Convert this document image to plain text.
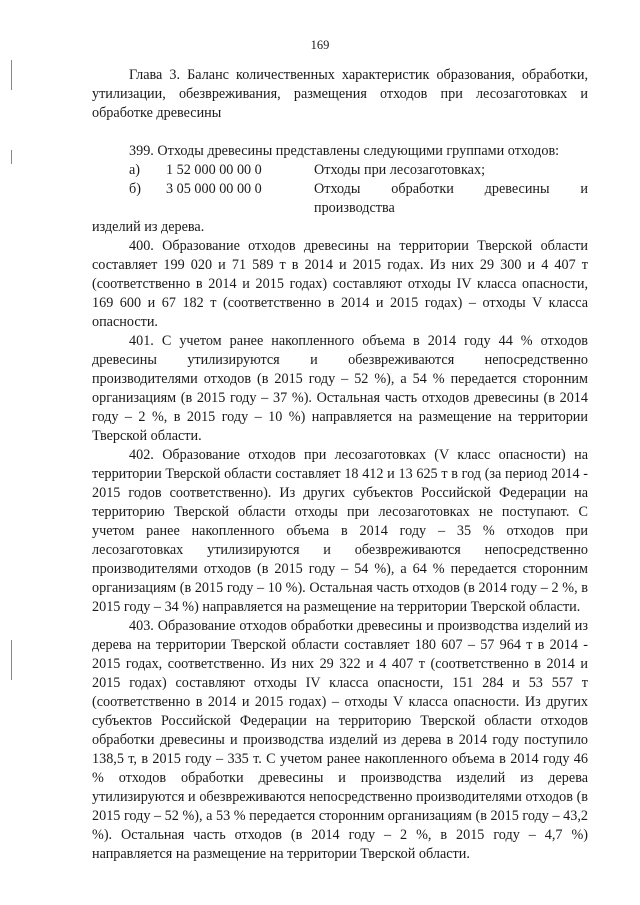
169

Глава 3. Баланс количественных характеристик образования, обработки, утилизации, обезвреживания, размещения отходов при лесозаготовках и обработке древесины

399. Отходы древесины представлены следующими группами отходов:

а)	1 52 000 00 00 0	Отходы при лесозаготовках;
б)	3 05 000 00 00 0	Отходы обработки древесины и производства

изделий из дерева.

400. Образование отходов древесины на территории Тверской области составляет 199 020 и 71 589 т в 2014 и 2015 годах. Из них 29 300 и 4 407 т (соответственно в 2014 и 2015 годах) составляют отходы IV класса опасности, 169 600 и 67 182 т (соответственно в 2014 и 2015 годах) – отходы V класса опасности.

401. С учетом ранее накопленного объема в 2014 году 44 % отходов древесины утилизируются и обезвреживаются непосредственно производителями отходов (в 2015 году – 52 %), а 54 % передается сторонним организациям (в 2015 году – 37 %). Остальная часть отходов древесины (в 2014 году – 2 %, в 2015 году – 10 %) направляется на размещение на территории Тверской области.

402. Образование отходов при лесозаготовках (V класс опасности) на территории Тверской области составляет 18 412 и 13 625 т в год (за период 2014 - 2015 годов соответственно). Из других субъектов Российской Федерации на территорию Тверской области отходы при лесозаготовках не поступают. С учетом ранее накопленного объема в 2014 году – 35 % отходов при лесозаготовках утилизируются и обезвреживаются непосредственно производителями отходов (в 2015 году – 54 %), а 64 % передается сторонним организациям (в 2015 году – 10 %). Остальная часть отходов (в 2014 году – 2 %, в 2015 году – 34 %) направляется на размещение на территории Тверской области.

403. Образование отходов обработки древесины и производства изделий из дерева на территории Тверской области составляет 180 607 – 57 964 т в 2014 - 2015 годах, соответственно. Из них 29 322 и 4 407 т (соответственно в 2014 и 2015 годах) составляют отходы IV класса опасности, 151 284 и 53 557 т (соответственно в 2014 и 2015 годах) – отходы V класса опасности. Из других субъектов Российской Федерации на территорию Тверской области отходов обработки древесины и производства изделий из дерева в 2014 году поступило 138,5 т, в 2015 году – 335 т. С учетом ранее накопленного объема в 2014 году 46 % отходов обработки древесины и производства изделий из дерева утилизируются и обезвреживаются непосредственно производителями отходов (в 2015 году – 52 %), а 53 % передается сторонним организациям (в 2015 году – 43,2 %). Остальная часть отходов (в 2014 году – 2 %, в 2015 году – 4,7 %) направляется на размещение на территории Тверской области.
